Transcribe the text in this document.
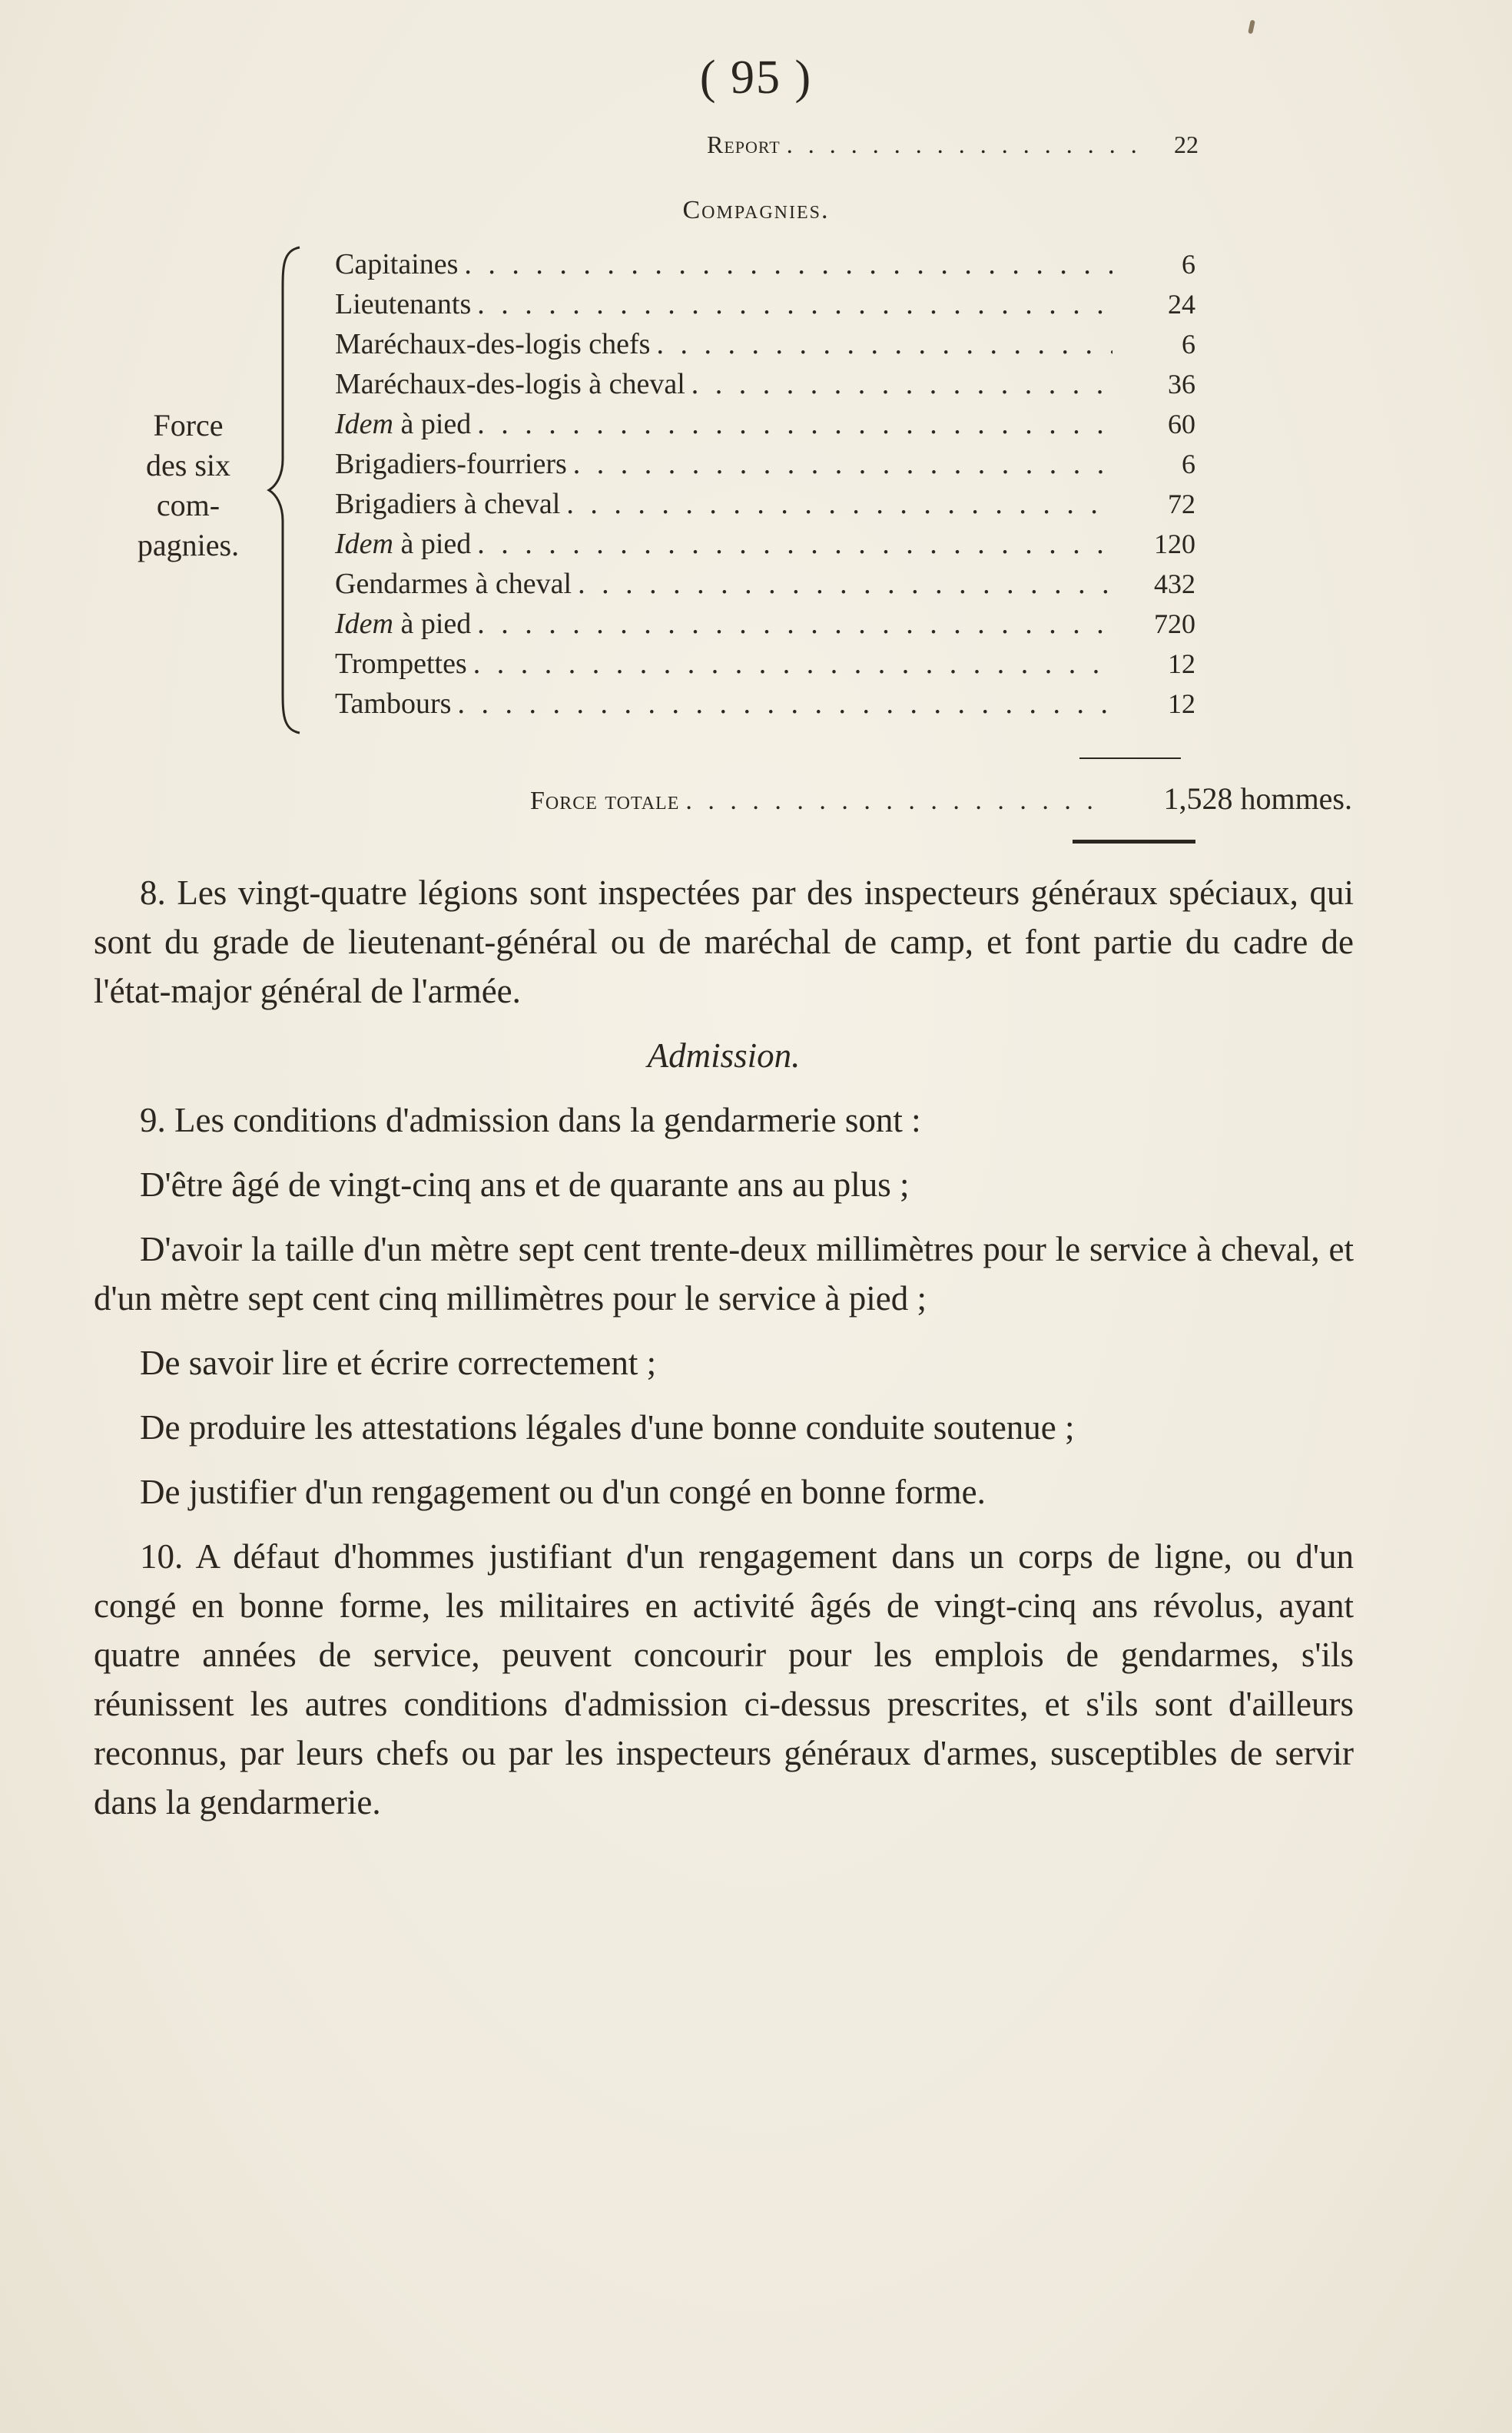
( 95 )
Report . . .	22
Compagnies.
Force
des six
com-
pagnies.
Capitaines . . .	6
Lieutenants . . .	24
Maréchaux-des-logis chefs . . .	6
Maréchaux-des-logis à cheval . . .	36
Idem à pied . . .	60
Brigadiers-fourriers . . .	6
Brigadiers à cheval . . .	72
Idem à pied . . .	120
Gendarmes à cheval . . .	432
Idem à pied . . .	720
Trompettes . . .	12
Tambours . . .	12
Force totale . . .	1,528 hommes.

8. Les vingt-quatre légions sont inspectées par des inspecteurs généraux spéciaux, qui sont du grade de lieutenant-général ou de maréchal de camp, et font partie du cadre de l'état-major général de l'armée.

Admission.

9. Les conditions d'admission dans la gendarmerie sont :

D'être âgé de vingt-cinq ans et de quarante ans au plus ;

D'avoir la taille d'un mètre sept cent trente-deux millimètres pour le service à cheval, et d'un mètre sept cent cinq millimètres pour le service à pied ;

De savoir lire et écrire correctement ;

De produire les attestations légales d'une bonne conduite soutenue ;

De justifier d'un rengagement ou d'un congé en bonne forme.

10. A défaut d'hommes justifiant d'un rengagement dans un corps de ligne, ou d'un congé en bonne forme, les militaires en activité âgés de vingt-cinq ans révolus, ayant quatre années de service, peuvent concourir pour les emplois de gendarmes, s'ils réunissent les autres conditions d'admission ci-dessus prescrites, et s'ils sont d'ailleurs reconnus, par leurs chefs ou par les inspecteurs généraux d'armes, susceptibles de servir dans la gendarmerie.
